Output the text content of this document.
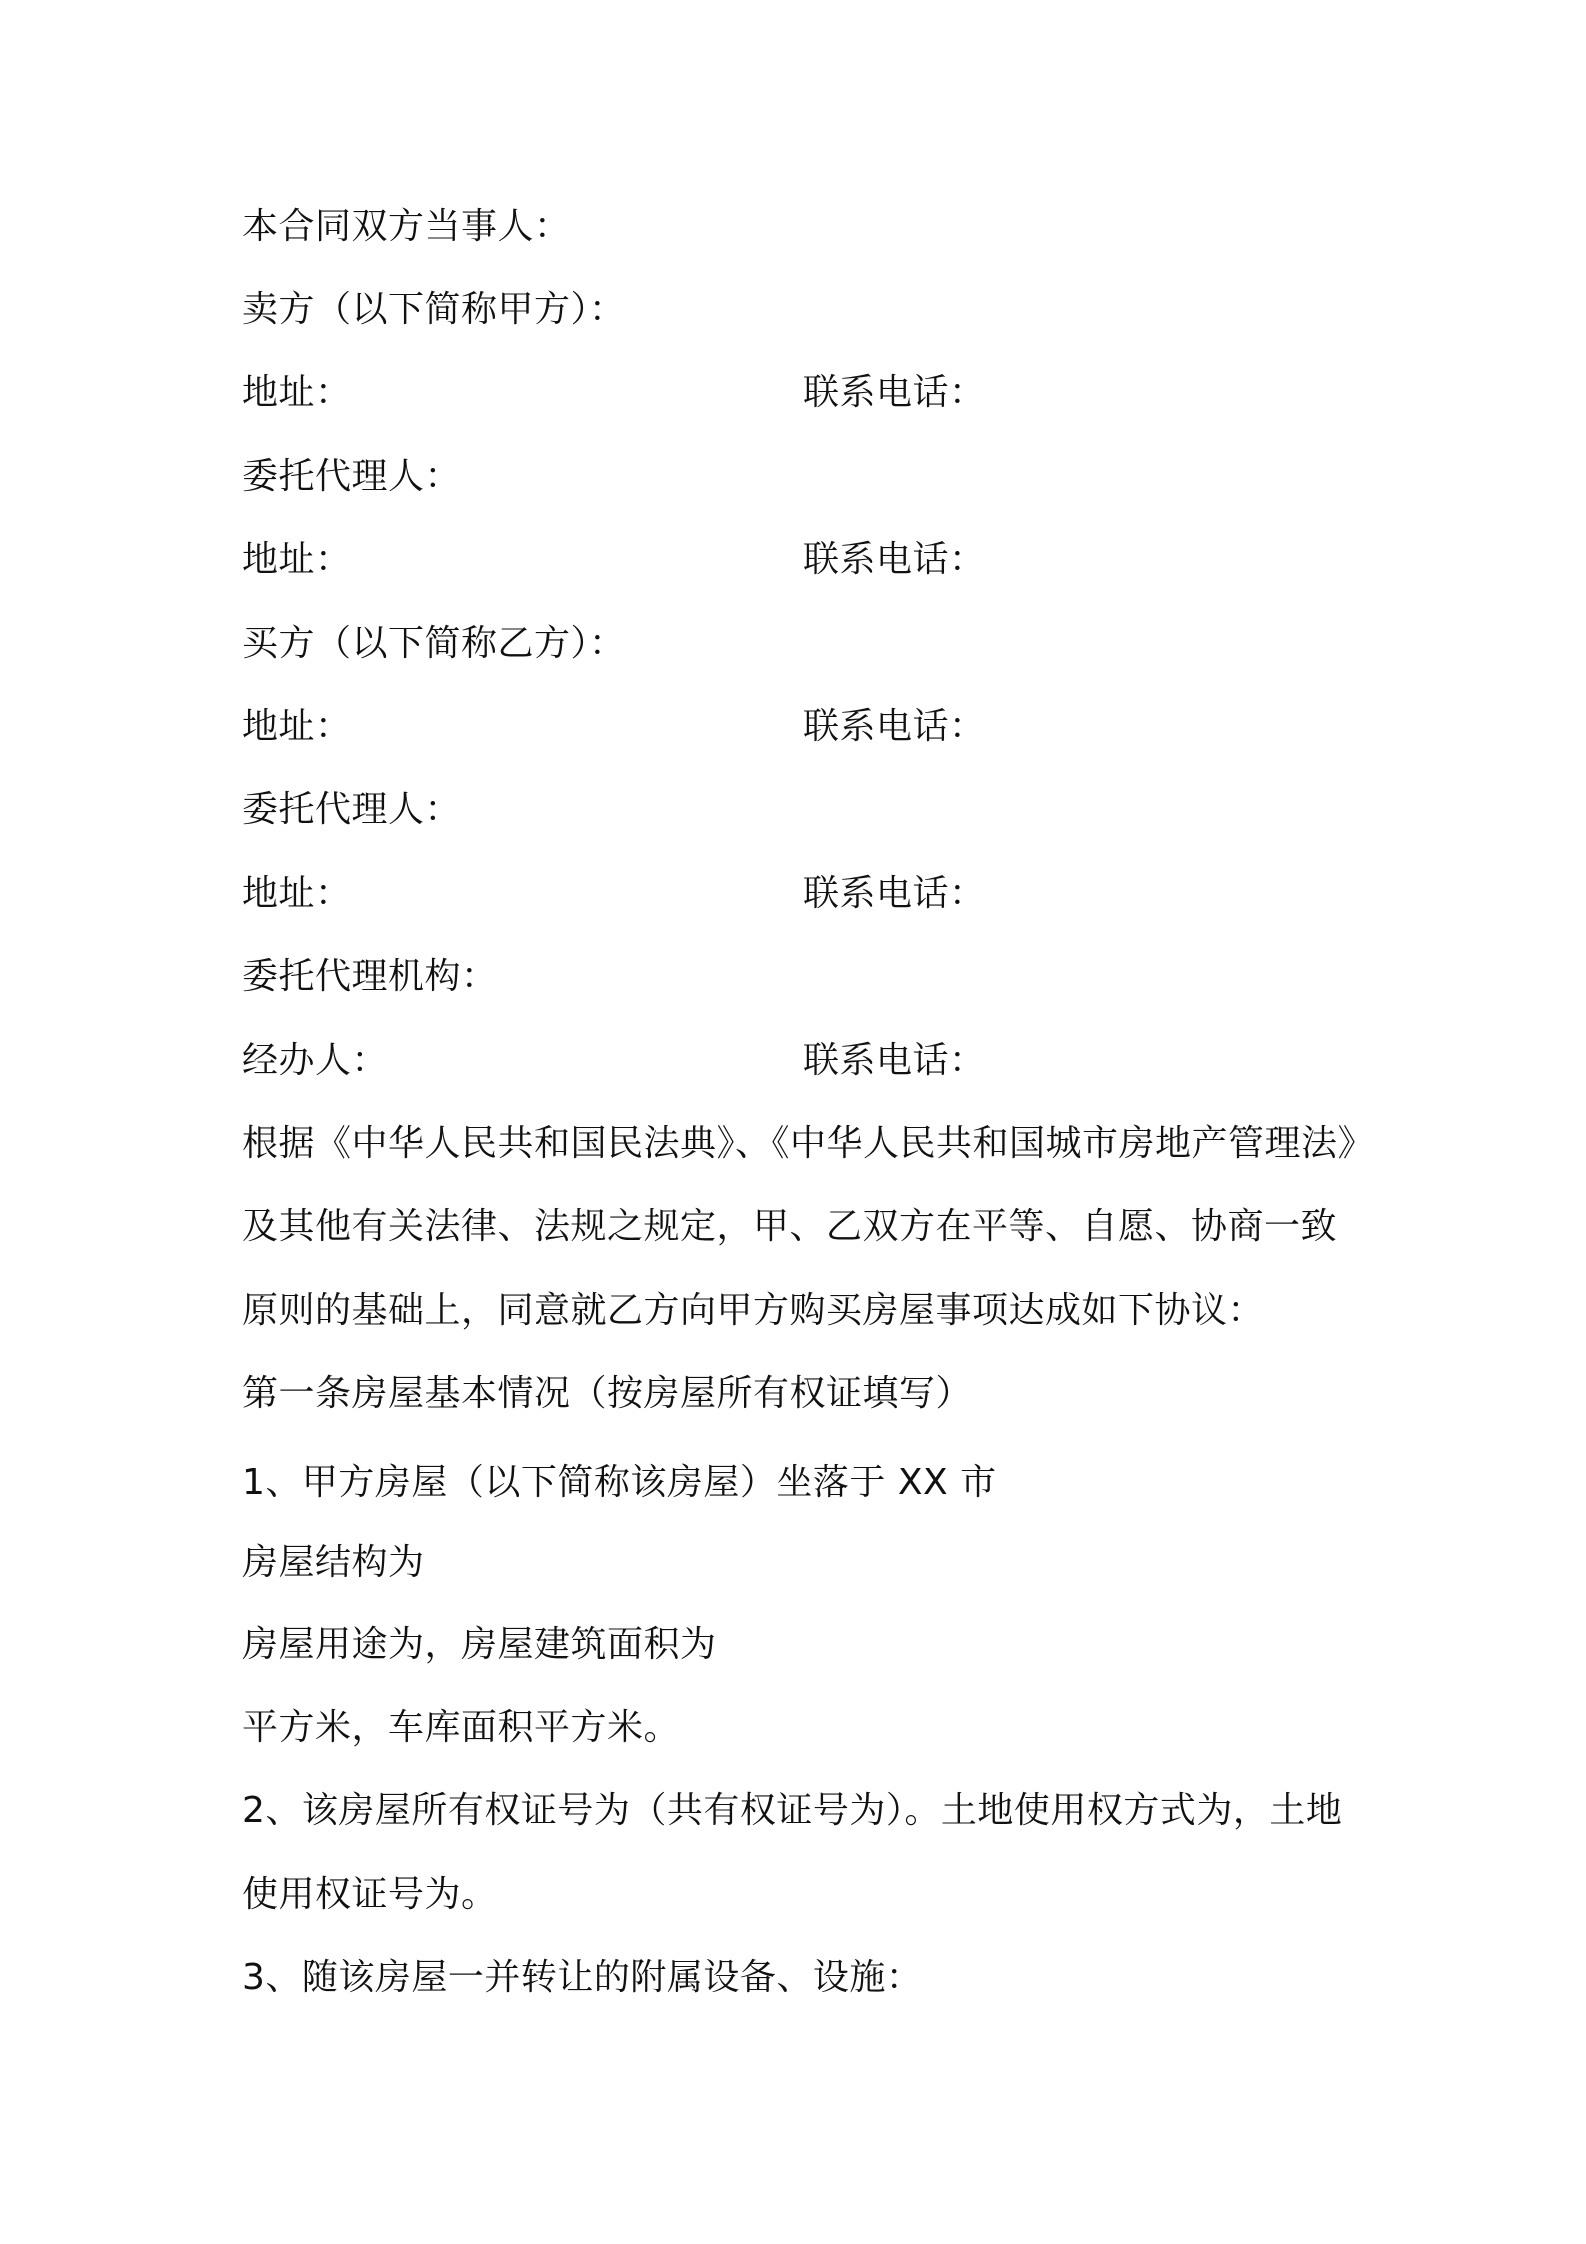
本合同双方当事人：
卖方（以下简称甲方）：
地址：	联系电话：
委托代理人：
地址：	联系电话：
买方（以下简称乙方）：
地址：	联系电话：
委托代理人：
地址：	联系电话：
委托代理机构：
经办人：	联系电话：
根据《中华人民共和国民法典》、《中华人民共和国城市房地产管理法》
及其他有关法律、法规之规定，甲、乙双方在平等、自愿、协商一致
原则的基础上，同意就乙方向甲方购买房屋事项达成如下协议：
第一条房屋基本情况（按房屋所有权证填写）
1、甲方房屋（以下简称该房屋）坐落于 XX 市
房屋结构为
房屋用途为，房屋建筑面积为
平方米，车库面积平方米。
2、该房屋所有权证号为（共有权证号为）。土地使用权方式为，土地
使用权证号为。
3、随该房屋一并转让的附属设备、设施：
